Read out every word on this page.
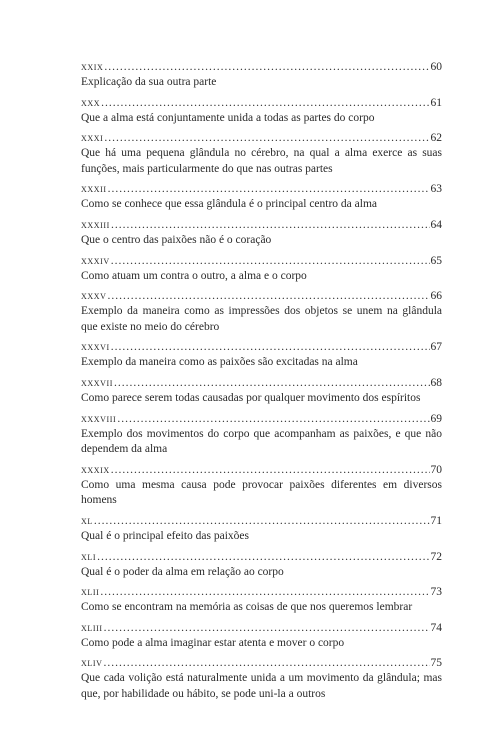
xxix .....	60
Explicação da sua outra parte
xxx .....	61
Que a alma está conjuntamente unida a todas as partes do corpo
xxxi .....	62
Que há uma pequena glândula no cérebro, na qual a alma exerce as suas funções, mais particularmente do que nas outras partes
xxxii .....	63
Como se conhece que essa glândula é o principal centro da alma
xxxiii .....	64
Que o centro das paixões não é o coração
xxxiv .....	65
Como atuam um contra o outro, a alma e o corpo
xxxv .....	66
Exemplo da maneira como as impressões dos objetos se unem na glândula que existe no meio do cérebro
xxxvi .....	67
Exemplo da maneira como as paixões são excitadas na alma
xxxvii .....	68
Como parece serem todas causadas por qualquer movimento dos espíritos
xxxviii .....	69
Exemplo dos movimentos do corpo que acompanham as paixões, e que não dependem da alma
xxxix .....	70
Como uma mesma causa pode provocar paixões diferentes em diversos homens
xl .....	71
Qual é o principal efeito das paixões
xli .....	72
Qual é o poder da alma em relação ao corpo
xlii .....	73
Como se encontram na memória as coisas de que nos queremos lembrar
xliii .....	74
Como pode a alma imaginar estar atenta e mover o corpo
xliv .....	75
Que cada volição está naturalmente unida a um movimento da glândula; mas que, por habilidade ou hábito, se pode uni-la a outros
